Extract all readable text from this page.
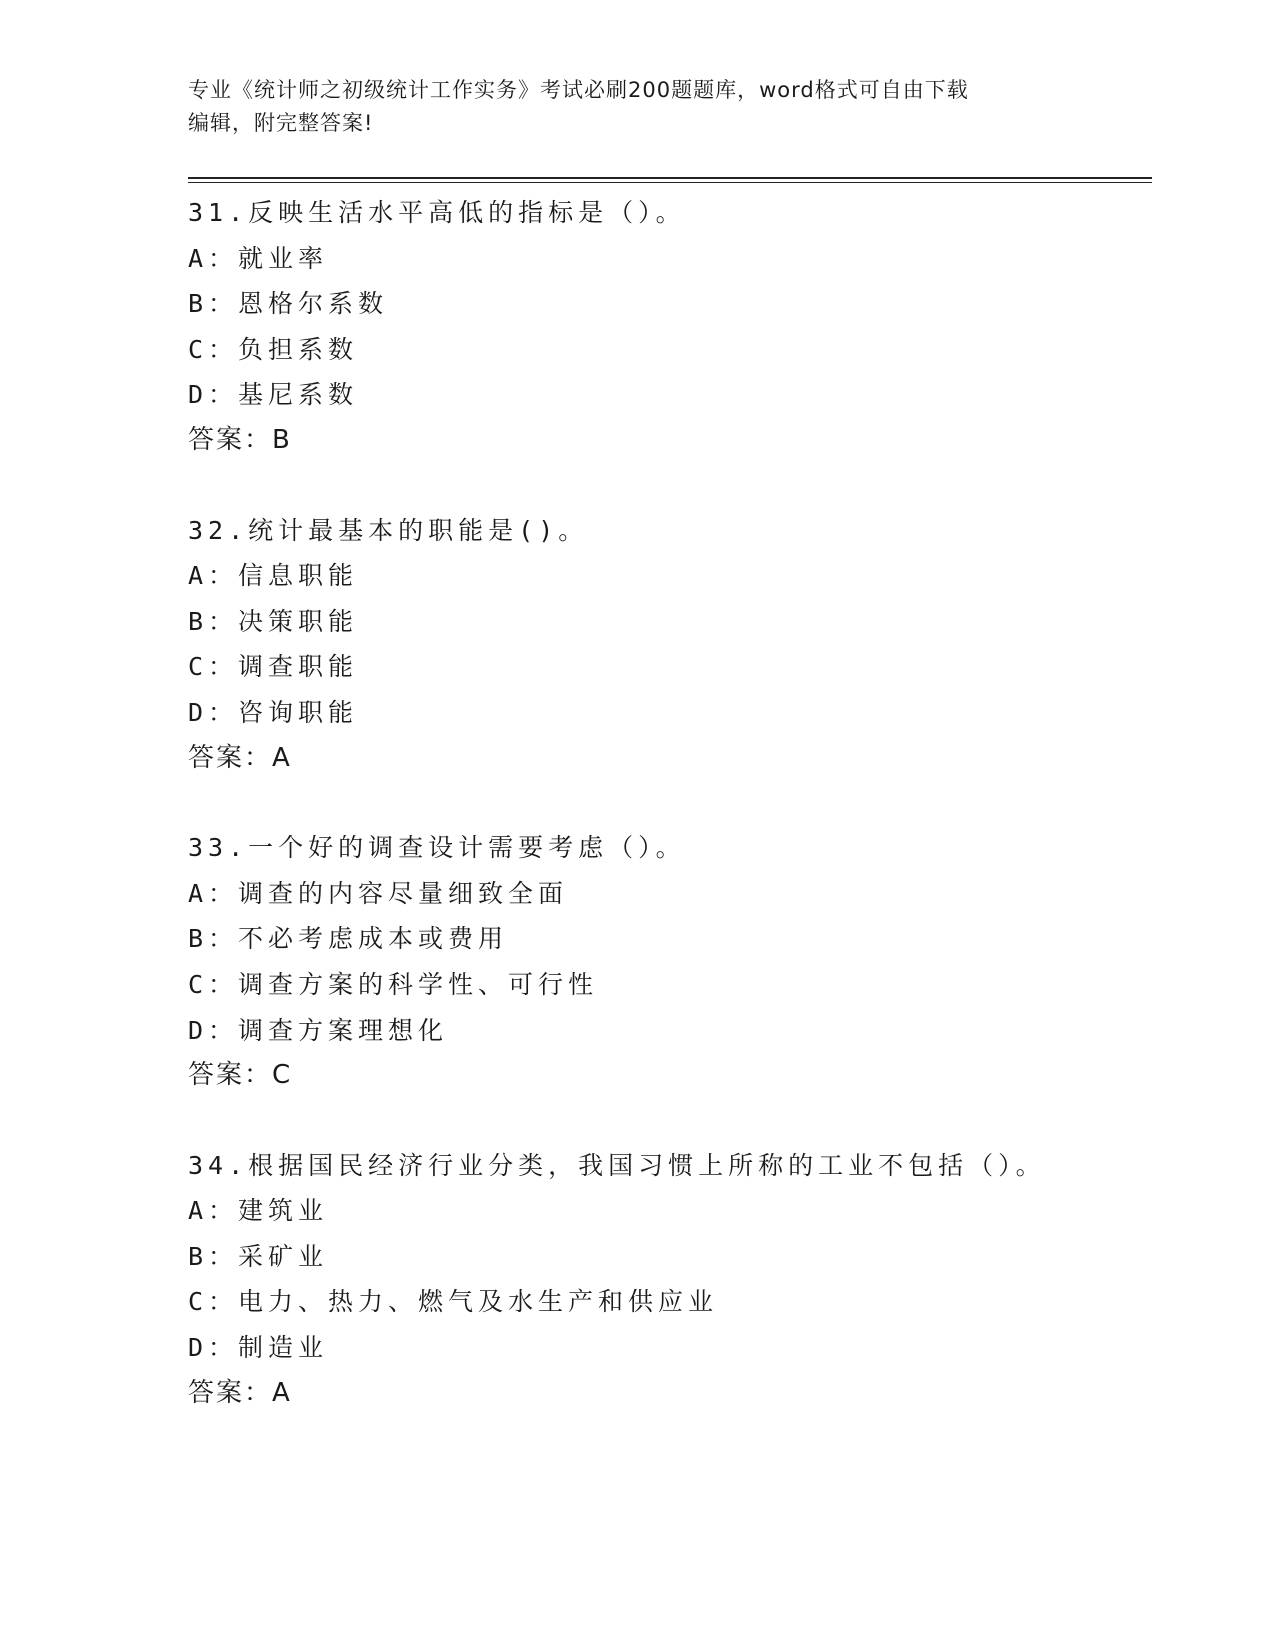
专业《统计师之初级统计工作实务》考试必刷200题题库，word格式可自由下载
编辑，附完整答案!
31.反映生活水平高低的指标是（）。
A：就业率
B：恩格尔系数
C：负担系数
D：基尼系数
答案：B
32.统计最基本的职能是()。
A：信息职能
B：决策职能
C：调查职能
D：咨询职能
答案：A
33.一个好的调查设计需要考虑（）。
A：调查的内容尽量细致全面
B：不必考虑成本或费用
C：调查方案的科学性、可行性
D：调查方案理想化
答案：C
34.根据国民经济行业分类，我国习惯上所称的工业不包括（）。
A：建筑业
B：采矿业
C：电力、热力、燃气及水生产和供应业
D：制造业
答案：A
